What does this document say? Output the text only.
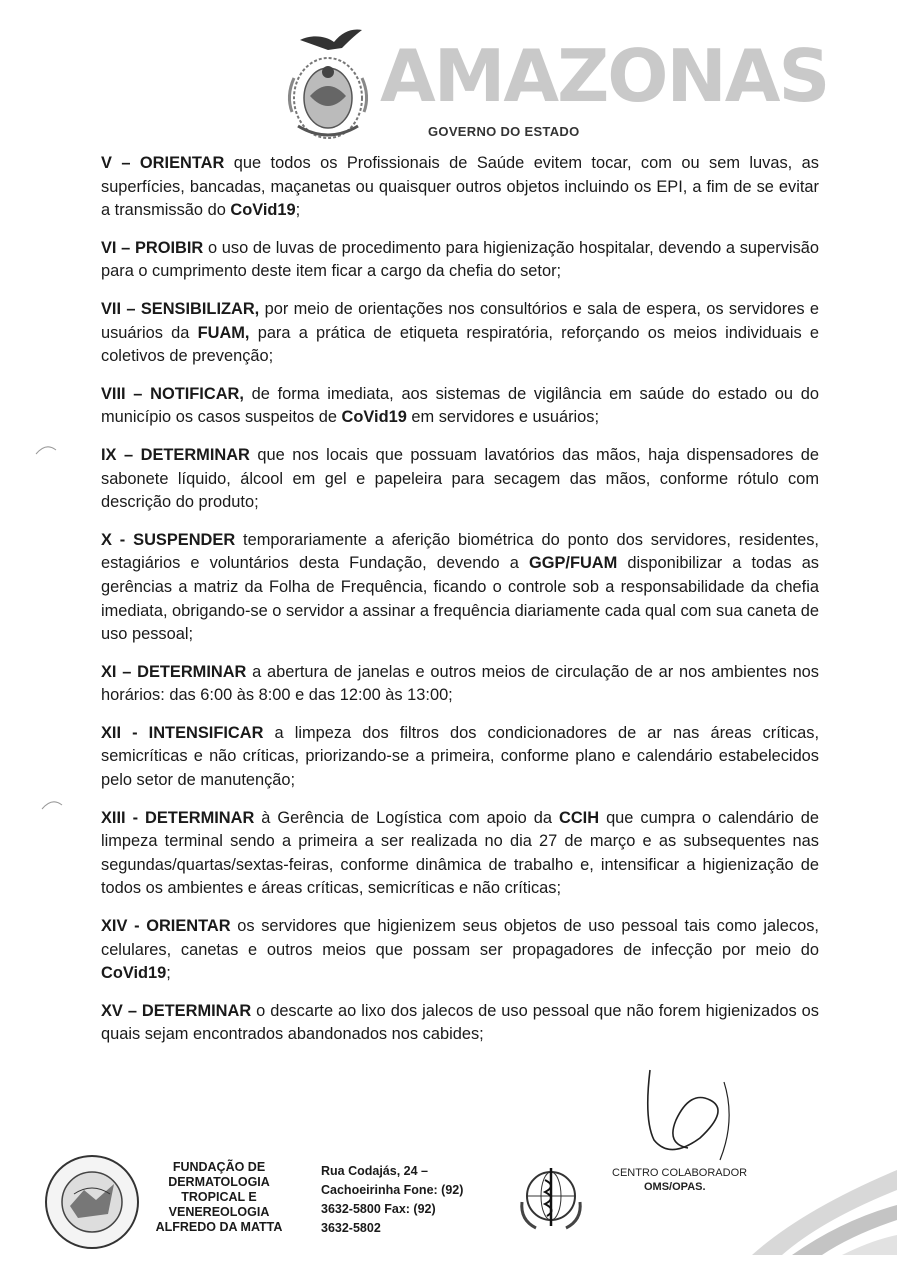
AMAZONAS
GOVERNO DO ESTADO

V – ORIENTAR que todos os Profissionais de Saúde evitem tocar, com ou sem luvas, as superfícies, bancadas, maçanetas ou quaisquer outros objetos incluindo os EPI, a fim de se evitar a transmissão do CoVid19;

VI – PROIBIR o uso de luvas de procedimento para higienização hospitalar, devendo a supervisão para o cumprimento deste item ficar a cargo da chefia do setor;

VII – SENSIBILIZAR, por meio de orientações nos consultórios e sala de espera, os servidores e usuários da FUAM, para a prática de etiqueta respiratória, reforçando os meios individuais e coletivos de prevenção;

VIII – NOTIFICAR, de forma imediata, aos sistemas de vigilância em saúde do estado ou do município os casos suspeitos de CoVid19 em servidores e usuários;

IX – DETERMINAR que nos locais que possuam lavatórios das mãos, haja dispensadores de sabonete líquido, álcool em gel e papeleira para secagem das mãos, conforme rótulo com descrição do produto;

X - SUSPENDER temporariamente a aferição biométrica do ponto dos servidores, residentes, estagiários e voluntários desta Fundação, devendo a GGP/FUAM disponibilizar a todas as gerências a matriz da Folha de Frequência, ficando o controle sob a responsabilidade da chefia imediata, obrigando-se o servidor a assinar a frequência diariamente cada qual com sua caneta de uso pessoal;

XI – DETERMINAR a abertura de janelas e outros meios de circulação de ar nos ambientes nos horários: das 6:00 às 8:00 e das 12:00 às 13:00;

XII - INTENSIFICAR a limpeza dos filtros dos condicionadores de ar nas áreas críticas, semicríticas e não críticas, priorizando-se a primeira, conforme plano e calendário estabelecidos pelo setor de manutenção;

XIII - DETERMINAR à Gerência de Logística com apoio da CCIH que cumpra o calendário de limpeza terminal sendo a primeira a ser realizada no dia 27 de março e as subsequentes nas segundas/quartas/sextas-feiras, conforme dinâmica de trabalho e, intensificar a higienização de todos os ambientes e áreas críticas, semicríticas e não críticas;

XIV - ORIENTAR os servidores que higienizem seus objetos de uso pessoal tais como jalecos, celulares, canetas e outros meios que possam ser propagadores de infecção por meio do CoVid19;

XV – DETERMINAR o descarte ao lixo dos jalecos de uso pessoal que não forem higienizados os quais sejam encontrados abandonados nos cabides;

FUNDAÇÃO DE
DERMATOLOGIA
TROPICAL E
VENEREOLOGIA
ALFREDO DA MATTA
Rua Codajás, 24 –
Cachoeirinha Fone: (92)
3632-5800 Fax: (92)
3632-5802
CENTRO COLABORADOR
OMS/OPAS.
